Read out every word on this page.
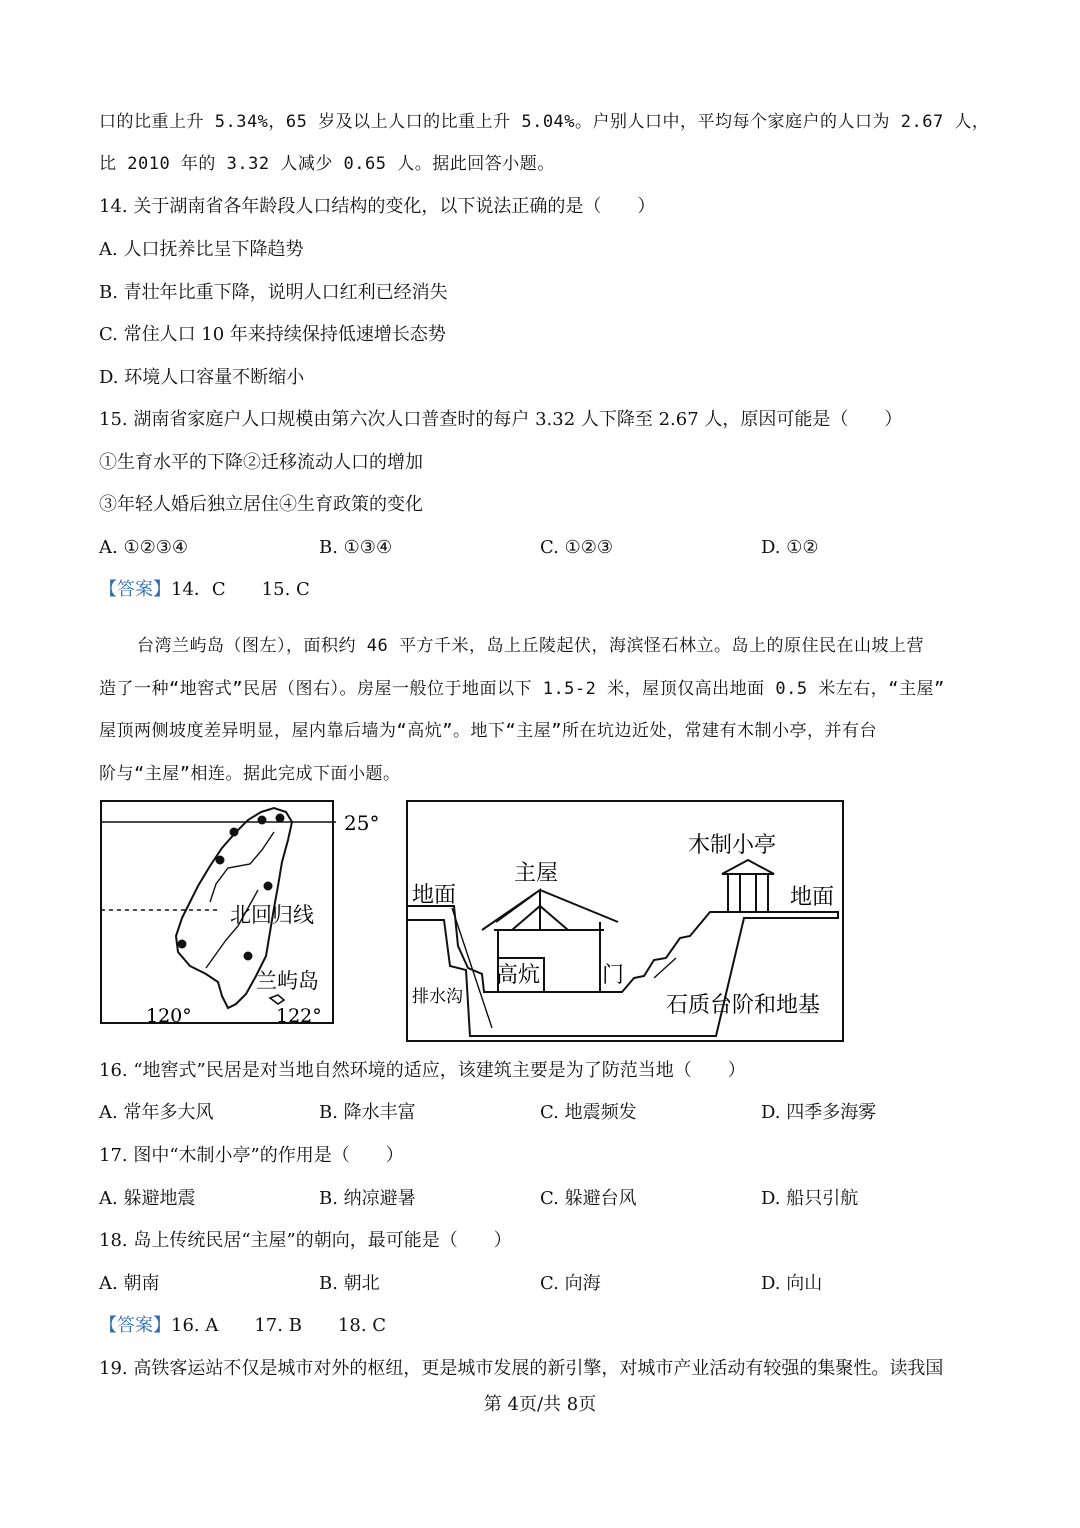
口的比重上升 5.34%，65 岁及以上人口的比重上升 5.04%。户别人口中，平均每个家庭户的人口为 2.67 人，
比 2010 年的 3.32 人减少 0.65 人。据此回答小题。
14. 关于湖南省各年龄段人口结构的变化，以下说法正确的是（　　）
A. 人口抚养比呈下降趋势
B. 青壮年比重下降，说明人口红利已经消失
C. 常住人口 10 年来持续保持低速增长态势
D. 环境人口容量不断缩小
15. 湖南省家庭户人口规模由第六次人口普查时的每户 3.32 人下降至 2.67 人，原因可能是（　　）
①生育水平的下降②迁移流动人口的增加
③年轻人婚后独立居住④生育政策的变化
A. ①②③④	B. ①③④	C. ①②③	D. ①②
【答案】14．C　　15. C
台湾兰屿岛（图左），面积约 46 平方千米，岛上丘陵起伏，海滨怪石林立。岛上的原住民在山坡上营
造了一种“地窖式”民居（图右）。房屋一般位于地面以下 1.5-2 米，屋顶仅高出地面 0.5 米左右，“主屋”
屋顶两侧坡度差异明显，屋内靠后墙为“高炕”。地下“主屋”所在坑边近处，常建有木制小亭，并有台
阶与“主屋”相连。据此完成下面小题。
25°
北回归线
兰屿岛
120°	122°
地面	地面
主屋
木制小亭
高炕	门
排水沟	石质台阶和地基
16. “地窖式”民居是对当地自然环境的适应，该建筑主要是为了防范当地（　　）
A. 常年多大风	B. 降水丰富	C. 地震频发	D. 四季多海雾
17. 图中“木制小亭”的作用是（　　）
A. 躲避地震	B. 纳凉避暑	C. 躲避台风	D. 船只引航
18. 岛上传统民居“主屋”的朝向，最可能是（　　）
A. 朝南	B. 朝北	C. 向海	D. 向山
【答案】16. A　　17. B　　18. C
19. 高铁客运站不仅是城市对外的枢纽，更是城市发展的新引擎，对城市产业活动有较强的集聚性。读我国
第 4页/共 8页
